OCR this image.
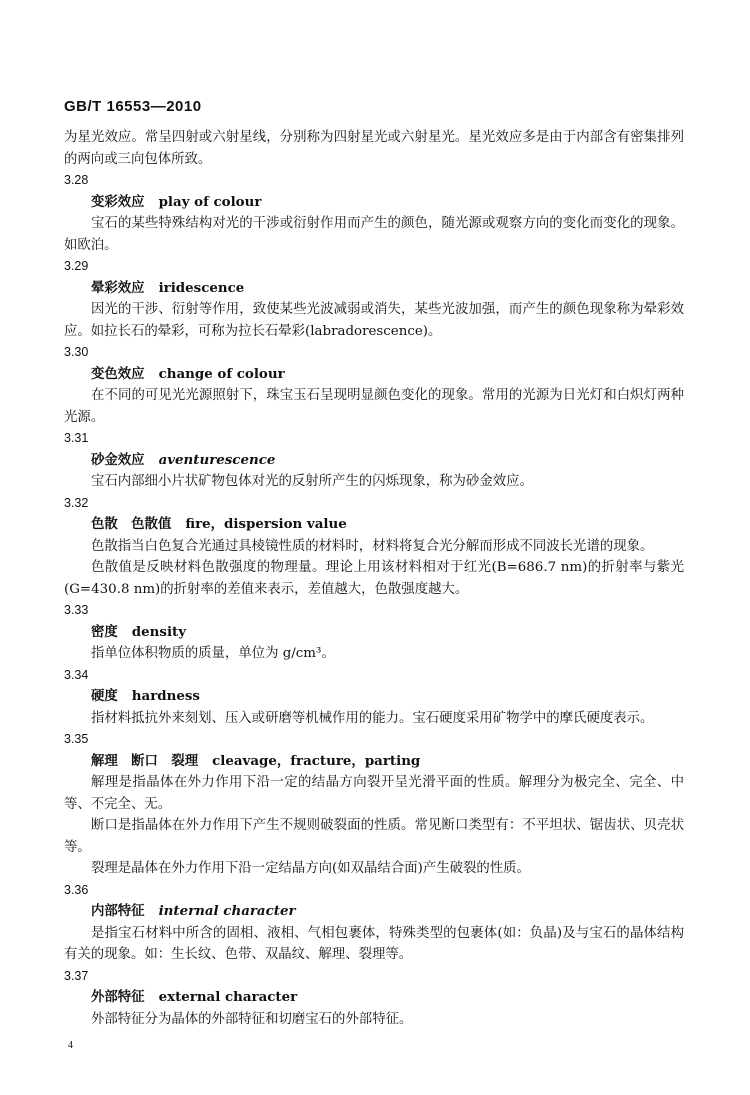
GB/T 16553—2010

为星光效应。常呈四射或六射星线，分别称为四射星光或六射星光。星光效应多是由于内部含有密集排列的两向或三向包体所致。

3.28

变彩效应 play of colour

宝石的某些特殊结构对光的干涉或衍射作用而产生的颜色，随光源或观察方向的变化而变化的现象。如欧泊。

3.29

晕彩效应 iridescence

因光的干涉、衍射等作用，致使某些光波减弱或消失，某些光波加强，而产生的颜色现象称为晕彩效应。如拉长石的晕彩，可称为拉长石晕彩(labradorescence)。

3.30

变色效应 change of colour

在不同的可见光光源照射下，珠宝玉石呈现明显颜色变化的现象。常用的光源为日光灯和白炽灯两种光源。

3.31

砂金效应 aventurescence

宝石内部细小片状矿物包体对光的反射所产生的闪烁现象，称为砂金效应。

3.32

色散　色散值 fire，dispersion value

色散指当白色复合光通过具棱镜性质的材料时，材料将复合光分解而形成不同波长光谱的现象。

色散值是反映材料色散强度的物理量。理论上用该材料相对于红光(B=686.7 nm)的折射率与紫光(G=430.8 nm)的折射率的差值来表示，差值越大，色散强度越大。

3.33

密度 density

指单位体积物质的质量，单位为 g/cm³。

3.34

硬度 hardness

指材料抵抗外来刻划、压入或研磨等机械作用的能力。宝石硬度采用矿物学中的摩氏硬度表示。

3.35

解理　断口　裂理 cleavage，fracture，parting

解理是指晶体在外力作用下沿一定的结晶方向裂开呈光滑平面的性质。解理分为极完全、完全、中等、不完全、无。

断口是指晶体在外力作用下产生不规则破裂面的性质。常见断口类型有：不平坦状、锯齿状、贝壳状等。

裂理是晶体在外力作用下沿一定结晶方向(如双晶结合面)产生破裂的性质。

3.36

内部特征 internal character

是指宝石材料中所含的固相、液相、气相包裹体，特殊类型的包裹体(如：负晶)及与宝石的晶体结构有关的现象。如：生长纹、色带、双晶纹、解理、裂理等。

3.37

外部特征 external character

外部特征分为晶体的外部特征和切磨宝石的外部特征。

4
